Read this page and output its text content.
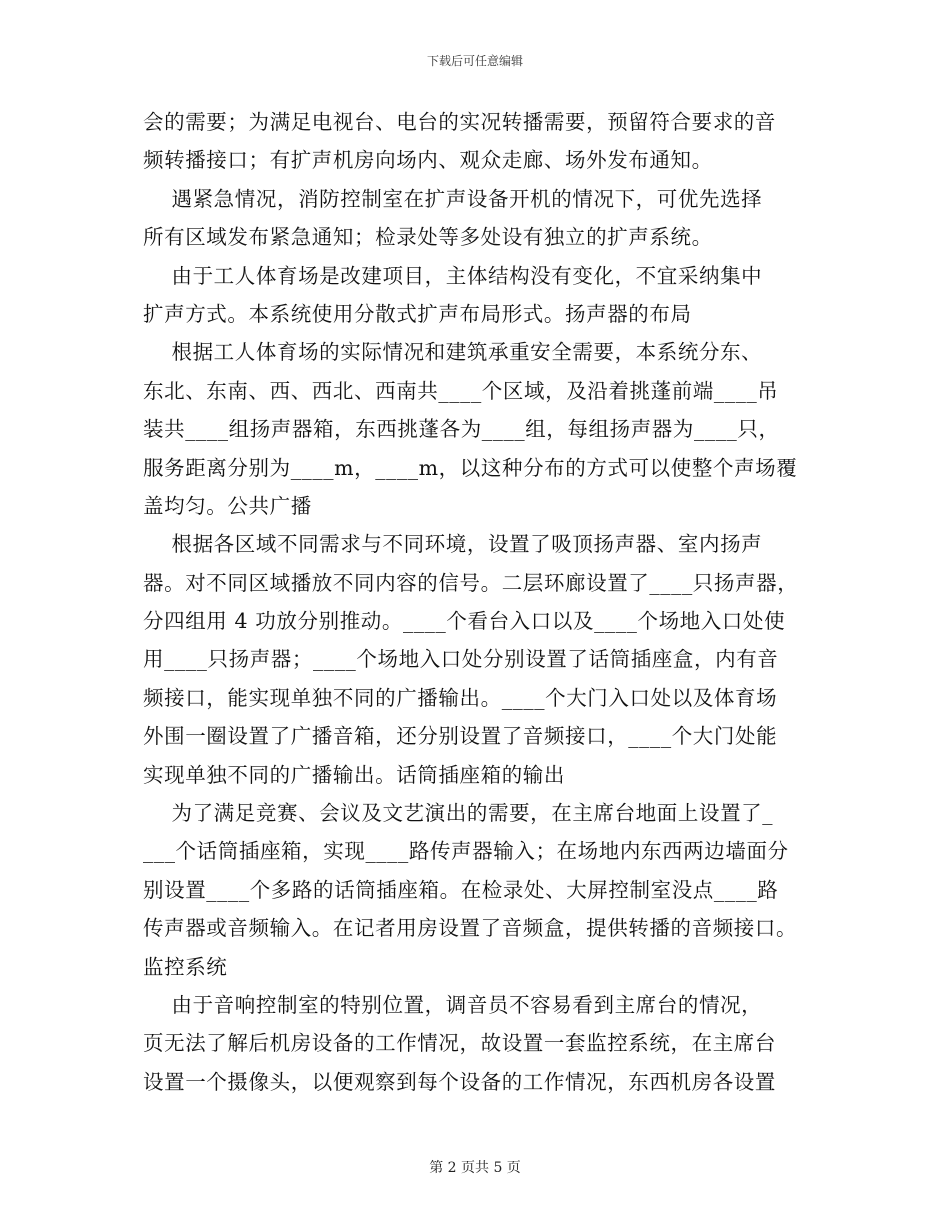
下载后可任意编辑
会的需要；为满足电视台、电台的实况转播需要，预留符合要求的音
频转播接口；有扩声机房向场内、观众走廊、场外发布通知。
遇紧急情况，消防控制室在扩声设备开机的情况下，可优先选择
所有区域发布紧急通知；检录处等多处设有独立的扩声系统。
由于工人体育场是改建项目，主体结构没有变化，不宜采纳集中
扩声方式。本系统使用分散式扩声布局形式。扬声器的布局
根据工人体育场的实际情况和建筑承重安全需要，本系统分东、
东北、东南、西、西北、西南共____个区域，及沿着挑蓬前端____吊
装共____组扬声器箱，东西挑蓬各为____组，每组扬声器为____只，
服务距离分别为____m，____m，以这种分布的方式可以使整个声场覆
盖均匀。公共广播
根据各区域不同需求与不同环境，设置了吸顶扬声器、室内扬声
器。对不同区域播放不同内容的信号。二层环廊设置了____只扬声器，
分四组用 4 功放分别推动。____个看台入口以及____个场地入口处使
用____只扬声器；____个场地入口处分别设置了话筒插座盒，内有音
频接口，能实现单独不同的广播输出。____个大门入口处以及体育场
外围一圈设置了广播音箱，还分别设置了音频接口，____个大门处能
实现单独不同的广播输出。话筒插座箱的输出
为了满足竞赛、会议及文艺演出的需要，在主席台地面上设置了_
___个话筒插座箱，实现____路传声器输入；在场地内东西两边墙面分
别设置____个多路的话筒插座箱。在检录处、大屏控制室没点____路
传声器或音频输入。在记者用房设置了音频盒，提供转播的音频接口。
监控系统
由于音响控制室的特别位置，调音员不容易看到主席台的情况，
页无法了解后机房设备的工作情况，故设置一套监控系统，在主席台
设置一个摄像头，以便观察到每个设备的工作情况，东西机房各设置
第 2 页共 5 页
